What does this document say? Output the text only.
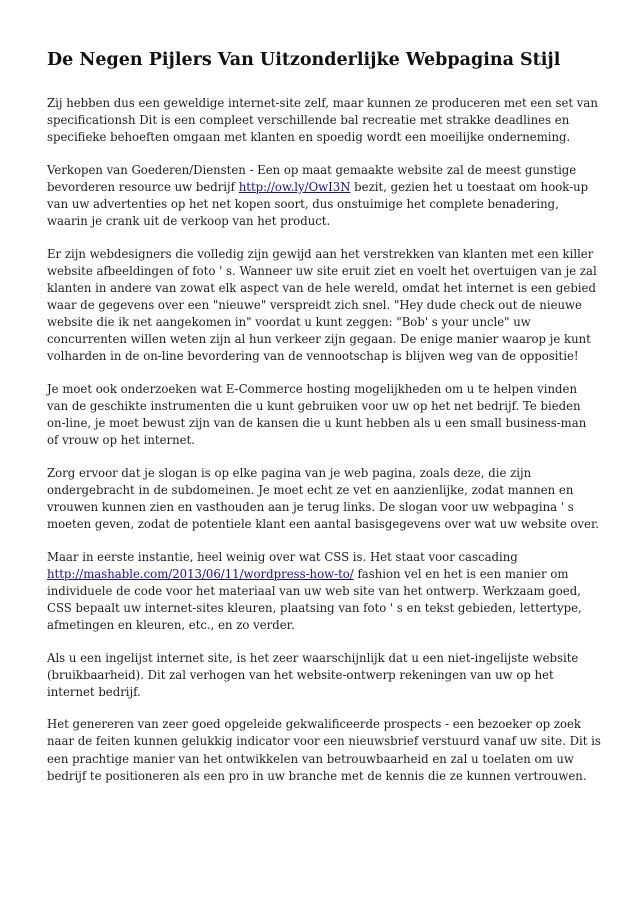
De Negen Pijlers Van Uitzonderlijke Webpagina Stijl

Zij hebben dus een geweldige internet-site zelf, maar kunnen ze produceren met een set van specificationsh Dit is een compleet verschillende bal recreatie met strakke deadlines en specifieke behoeften omgaan met klanten en spoedig wordt een moeilijke onderneming.

Verkopen van Goederen/Diensten - Een op maat gemaakte website zal de meest gunstige bevorderen resource uw bedrijf http://ow.ly/OwI3N bezit, gezien het u toestaat om hook-up van uw advertenties op het net kopen soort, dus onstuimige het complete benadering, waarin je crank uit de verkoop van het product.

Er zijn webdesigners die volledig zijn gewijd aan het verstrekken van klanten met een killer website afbeeldingen of foto ' s. Wanneer uw site eruit ziet en voelt het overtuigen van je zal klanten in andere van zowat elk aspect van de hele wereld, omdat het internet is een gebied waar de gegevens over een "nieuwe" verspreidt zich snel. "Hey dude check out de nieuwe website die ik net aangekomen in" voordat u kunt zeggen: "Bob' s your uncle" uw concurrenten willen weten zijn al hun verkeer zijn gegaan. De enige manier waarop je kunt volharden in de on-line bevordering van de vennootschap is blijven weg van de oppositie!

Je moet ook onderzoeken wat E-Commerce hosting mogelijkheden om u te helpen vinden van de geschikte instrumenten die u kunt gebruiken voor uw op het net bedrijf. Te bieden on-line, je moet bewust zijn van de kansen die u kunt hebben als u een small business-man of vrouw op het internet.

Zorg ervoor dat je slogan is op elke pagina van je web pagina, zoals deze, die zijn ondergebracht in de subdomeinen. Je moet echt ze vet en aanzienlijke, zodat mannen en vrouwen kunnen zien en vasthouden aan je terug links. De slogan voor uw webpagina ' s moeten geven, zodat de potentiele klant een aantal basisgegevens over wat uw website over.

Maar in eerste instantie, heel weinig over wat CSS is. Het staat voor cascading http://mashable.com/2013/06/11/wordpress-how-to/ fashion vel en het is een manier om individuele de code voor het materiaal van uw web site van het ontwerp. Werkzaam goed, CSS bepaalt uw internet-sites kleuren, plaatsing van foto ' s en tekst gebieden, lettertype, afmetingen en kleuren, etc., en zo verder.

Als u een ingelijst internet site, is het zeer waarschijnlijk dat u een niet-ingelijste website (bruikbaarheid). Dit zal verhogen van het website-ontwerp rekeningen van uw op het internet bedrijf.

Het genereren van zeer goed opgeleide gekwalificeerde prospects - een bezoeker op zoek naar de feiten kunnen gelukkig indicator voor een nieuwsbrief verstuurd vanaf uw site. Dit is een prachtige manier van het ontwikkelen van betrouwbaarheid en zal u toelaten om uw bedrijf te positioneren als een pro in uw branche met de kennis die ze kunnen vertrouwen.
